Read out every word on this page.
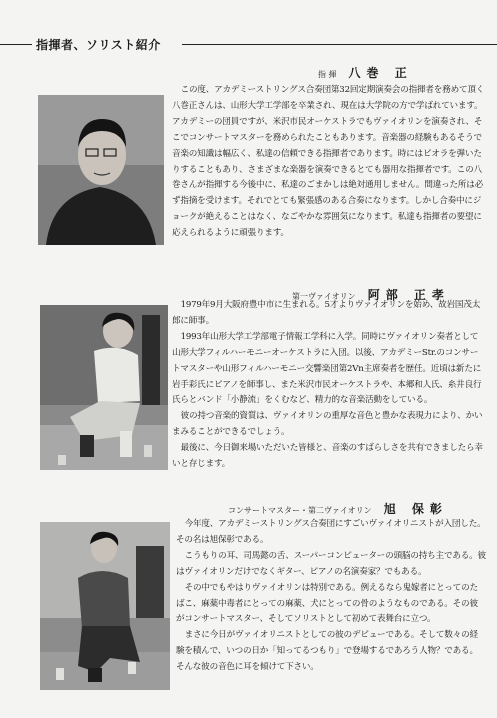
指揮者、ソリスト紹介
指 揮 八巻 正

この度、アカデミーストリングス合奏団第32回定期演奏会の指揮者を務めて頂く八巻正さんは、山形大学工学部を卒業され、現在は大学院の方で学ばれています。アカデミーの団員ですが、米沢市民オーケストラでもヴァイオリンを演奏され、そこでコンサートマスターを務められたこともあります。音楽器の経験もあるそうで音楽の知識は幅広く、私達の信頼できる指揮者であります。時にはビオラを弾いたりすることもあり、さまざまな楽器を演奏できるとても器用な指揮者です。この八巻さんが指揮する今後中に、私達のごまかしは絶対通用しません。間違った所は必ず指摘を受けます。それでとても緊張感のある合奏になります。しかし合奏中にジョークが絶えることはなく、なごやかな雰囲気になります。私達も指揮者の要望に応えられるように頑張ります。

第一ヴァイオリン 阿部 正孝

1979年9月大阪府豊中市に生まれる。5才よりヴァイオリンを始め、故岩国茂太郎に師事。

1993年山形大学工学部電子情報工学科に入学。同時にヴァイオリン奏者として山形大学フィルハーモニーオーケストラに入団。以後、アカデミーStr.のコンサートマスターや山形フィルハーモニー交響楽団第2Vn主席奏者を歴任。近頃は新たに岩手彩氏にピアノを師事し、また米沢市民オーケストラや、本郷和人氏、糸井良行氏らとバンド「小静流」をくむなど、精力的な音楽活動をしている。

彼の持つ音楽的資質は、ヴァイオリンの重厚な音色と豊かな表現力により、かいまみることができるでしょう。

最後に、今日御来場いただいた皆様と、音楽のすばらしさを共有できましたら幸いと存じます。

コンサートマスター・第二ヴァイオリン 旭 保彰

今年度、アカデミーストリングス合奏団にすごいヴァイオリニストが入団した。その名は旭保彰である。

こうもりの耳、司馬懿の舌、スーパーコンピューターの頭脳の持ち主である。彼はヴァイオリンだけでなくギター、ピアノの名演奏家？でもある。

その中でもやはりヴァイオリンは特別である。例えるなら鬼嫁者にとってのたばこ、麻薬中毒者にとっての麻薬、犬にとっての骨のようなものである。その彼がコンサートマスター、そしてソリストとして初めて表舞台に立つ。

まさに今日がヴァイオリニストとしての彼のデビューである。そして数々の経験を積んで、いつの日か「知ってるつもり」で登場するであろう人物？である。そんな彼の音色に耳を傾けて下さい。
